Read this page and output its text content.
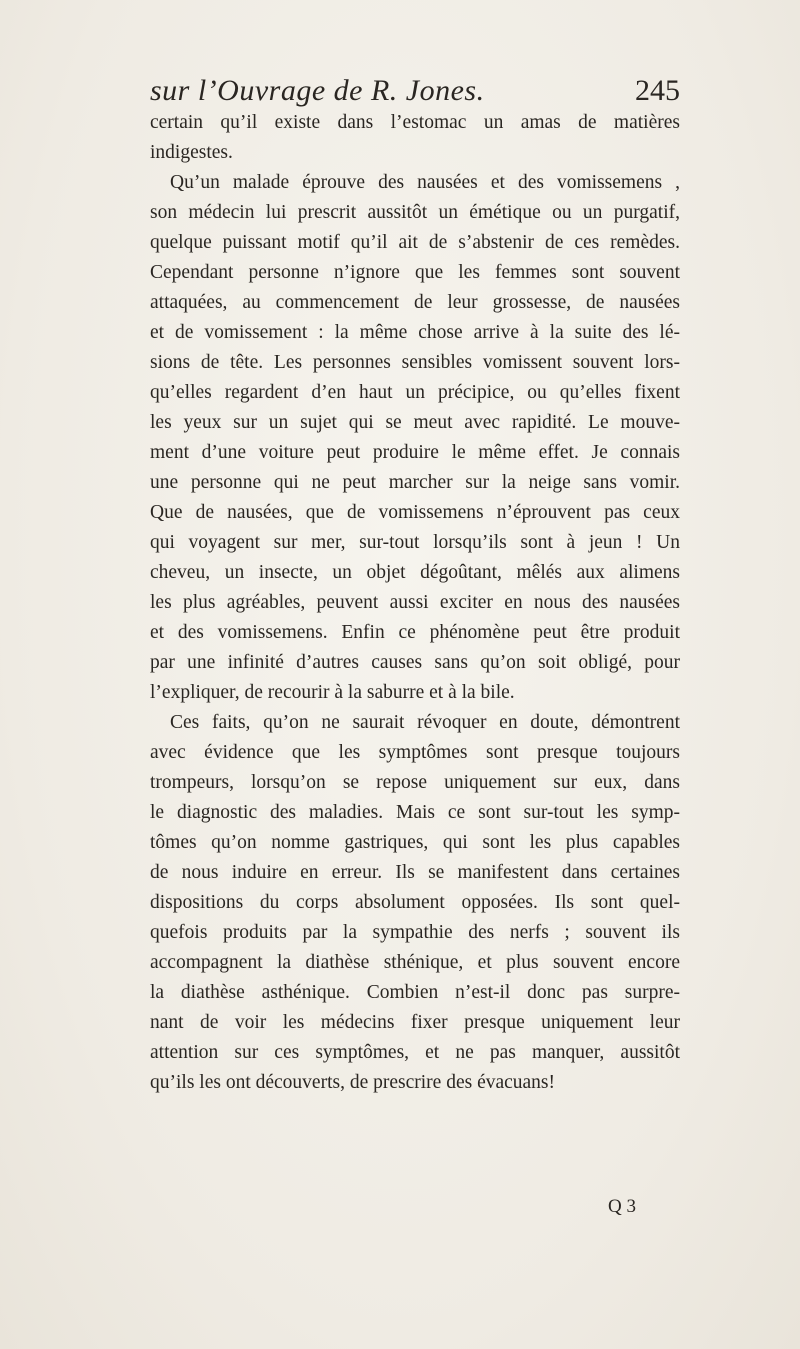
sur l’Ouvrage de R. Jones.	245
certain qu’il existe dans l’estomac un amas de matières
indigestes.
Qu’un malade éprouve des nausées et des vomissemens ,
son médecin lui prescrit aussitôt un émétique ou un purgatif,
quelque puissant motif qu’il ait de s’abstenir de ces remèdes.
Cependant personne n’ignore que les femmes sont souvent
attaquées, au commencement de leur grossesse, de nausées
et de vomissement : la même chose arrive à la suite des lé-
sions de tête. Les personnes sensibles vomissent souvent lors-
qu’elles regardent d’en haut un précipice, ou qu’elles fixent
les yeux sur un sujet qui se meut avec rapidité. Le mouve-
ment d’une voiture peut produire le même effet. Je connais
une personne qui ne peut marcher sur la neige sans vomir.
Que de nausées, que de vomissemens n’éprouvent pas ceux
qui voyagent sur mer, sur-tout lorsqu’ils sont à jeun ! Un
cheveu, un insecte, un objet dégoûtant, mêlés aux alimens
les plus agréables, peuvent aussi exciter en nous des nausées
et des vomissemens. Enfin ce phénomène peut être produit
par une infinité d’autres causes sans qu’on soit obligé, pour
l’expliquer, de recourir à la saburre et à la bile.
Ces faits, qu’on ne saurait révoquer en doute, démontrent
avec évidence que les symptômes sont presque toujours
trompeurs, lorsqu’on se repose uniquement sur eux, dans
le diagnostic des maladies. Mais ce sont sur-tout les symp-
tômes qu’on nomme gastriques, qui sont les plus capables
de nous induire en erreur. Ils se manifestent dans certaines
dispositions du corps absolument opposées. Ils sont quel-
quefois produits par la sympathie des nerfs ; souvent ils
accompagnent la diathèse sthénique, et plus souvent encore
la diathèse asthénique. Combien n’est-il donc pas surpre-
nant de voir les médecins fixer presque uniquement leur
attention sur ces symptômes, et ne pas manquer, aussitôt
qu’ils les ont découverts, de prescrire des évacuans!
Q 3
